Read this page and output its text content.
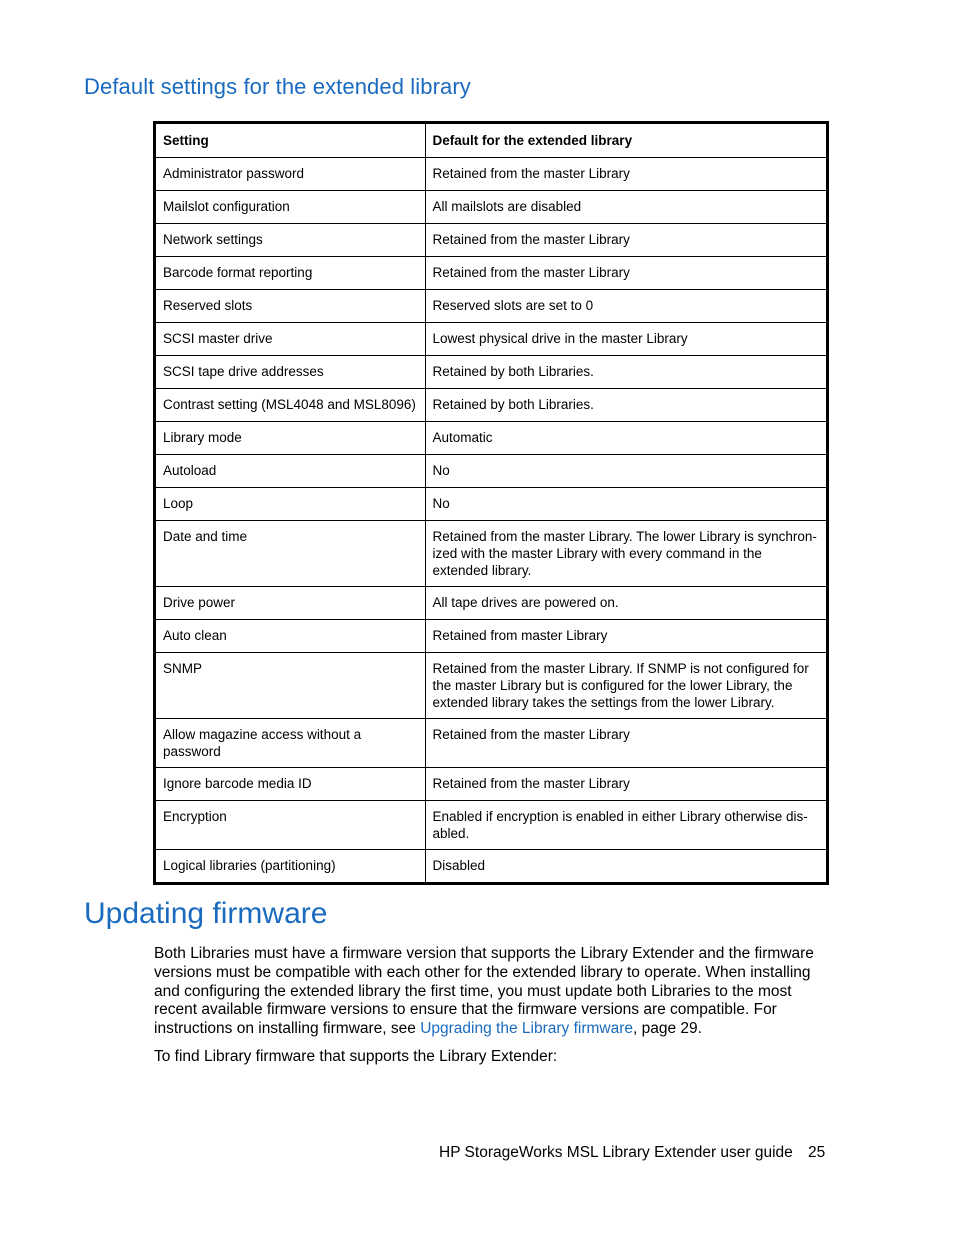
Default settings for the extended library
Setting	Default for the extended library
Administrator password	Retained from the master Library
Mailslot configuration	All mailslots are disabled
Network settings	Retained from the master Library
Barcode format reporting	Retained from the master Library
Reserved slots	Reserved slots are set to 0
SCSI master drive	Lowest physical drive in the master Library
SCSI tape drive addresses	Retained by both Libraries.
Contrast setting (MSL4048 and MSL8096)	Retained by both Libraries.
Library mode	Automatic
Autoload	No
Loop	No
Date and time	Retained from the master Library. The lower Library is synchron-ized with the master Library with every command in the extended library.
Drive power	All tape drives are powered on.
Auto clean	Retained from master Library
SNMP	Retained from the master Library. If SNMP is not configured for the master Library but is configured for the lower Library, the extended library takes the settings from the lower Library.
Allow magazine access without a password	Retained from the master Library
Ignore barcode media ID	Retained from the master Library
Encryption	Enabled if encryption is enabled in either Library otherwise dis-abled.
Logical libraries (partitioning)	Disabled
Updating firmware

Both Libraries must have a firmware version that supports the Library Extender and the firmware versions must be compatible with each other for the extended library to operate. When installing and configuring the extended library the first time, you must update both Libraries to the most recent available firmware versions to ensure that the firmware versions are compatible. For instructions on installing firmware, see Upgrading the Library firmware, page 29.

To find Library firmware that supports the Library Extender:

HP StorageWorks MSL Library Extender user guide 25
